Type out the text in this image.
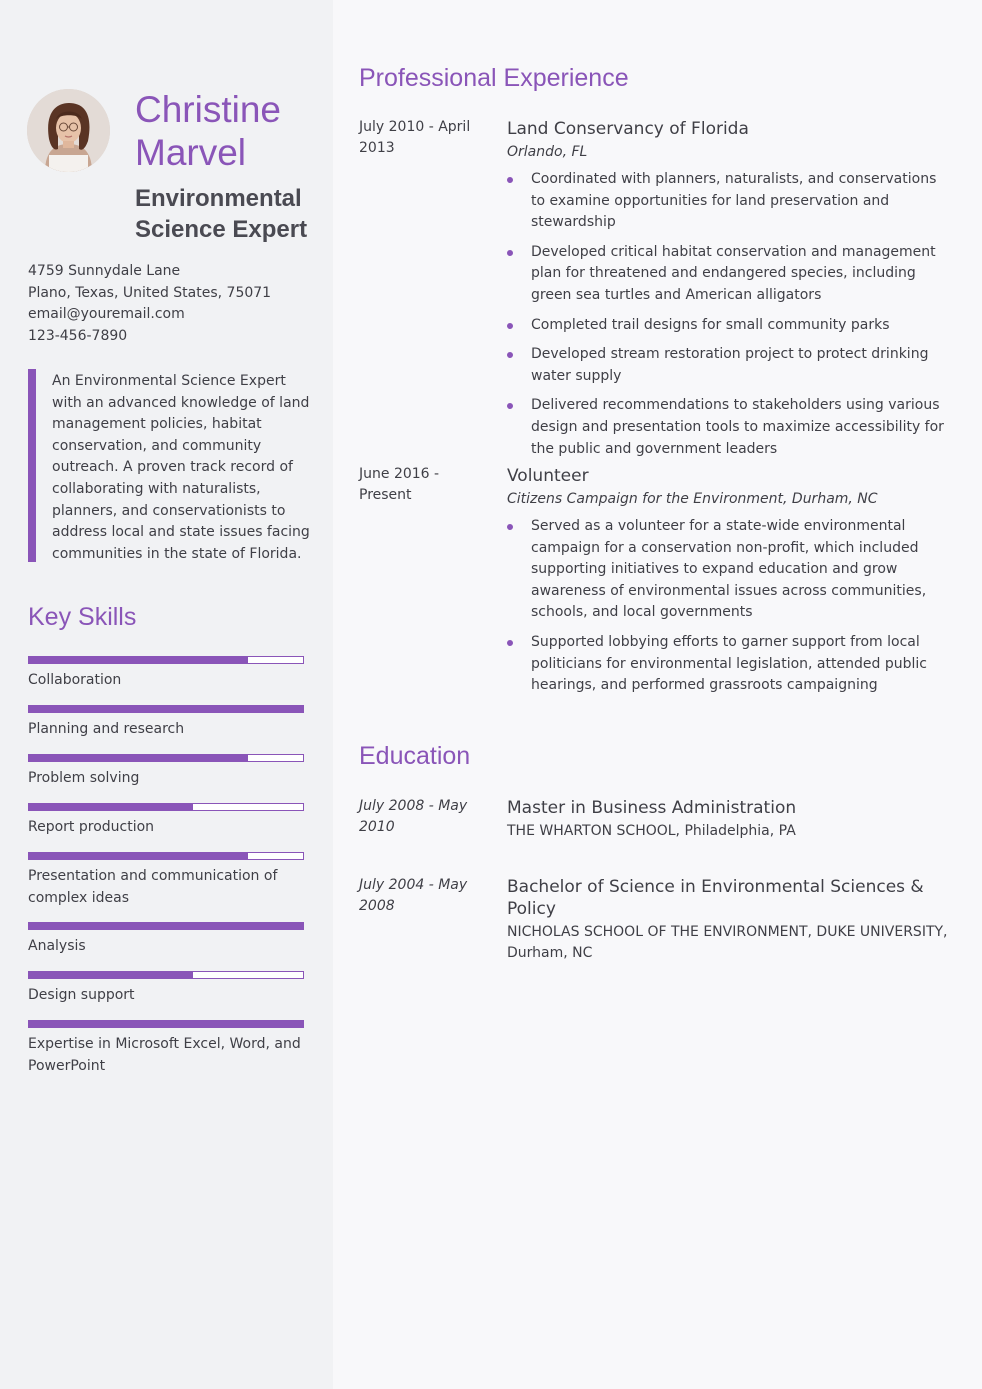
Christine
Marvel
Environmental
Science Expert
4759 Sunnydale Lane
Plano, Texas, United States, 75071
email@youremail.com
123-456-7890
An Environmental Science Expert with an advanced knowledge of land management policies, habitat conservation, and community outreach. A proven track record of collaborating with naturalists, planners, and conservationists to address local and state issues facing communities in the state of Florida.
Key Skills
Collaboration
Planning and research
Problem solving
Report production
Presentation and communication of complex ideas
Analysis
Design support
Expertise in Microsoft Excel, Word, and PowerPoint
Professional Experience
July 2010 - April 2013
Land Conservancy of Florida
Orlando, FL
Coordinated with planners, naturalists, and conservations to examine opportunities for land preservation and stewardship
Developed critical habitat conservation and management plan for threatened and endangered species, including green sea turtles and American alligators
Completed trail designs for small community parks
Developed stream restoration project to protect drinking water supply
Delivered recommendations to stakeholders using various design and presentation tools to maximize accessibility for the public and government leaders
June 2016 - Present
Volunteer
Citizens Campaign for the Environment, Durham, NC
Served as a volunteer for a state-wide environmental campaign for a conservation non-profit, which included supporting initiatives to expand education and grow awareness of environmental issues across communities, schools, and local governments
Supported lobbying efforts to garner support from local politicians for environmental legislation, attended public hearings, and performed grassroots campaigning
Education
July 2008 - May 2010
Master in Business Administration
THE WHARTON SCHOOL, Philadelphia, PA
July 2004 - May 2008
Bachelor of Science in Environmental Sciences & Policy
NICHOLAS SCHOOL OF THE ENVIRONMENT, DUKE UNIVERSITY, Durham, NC
